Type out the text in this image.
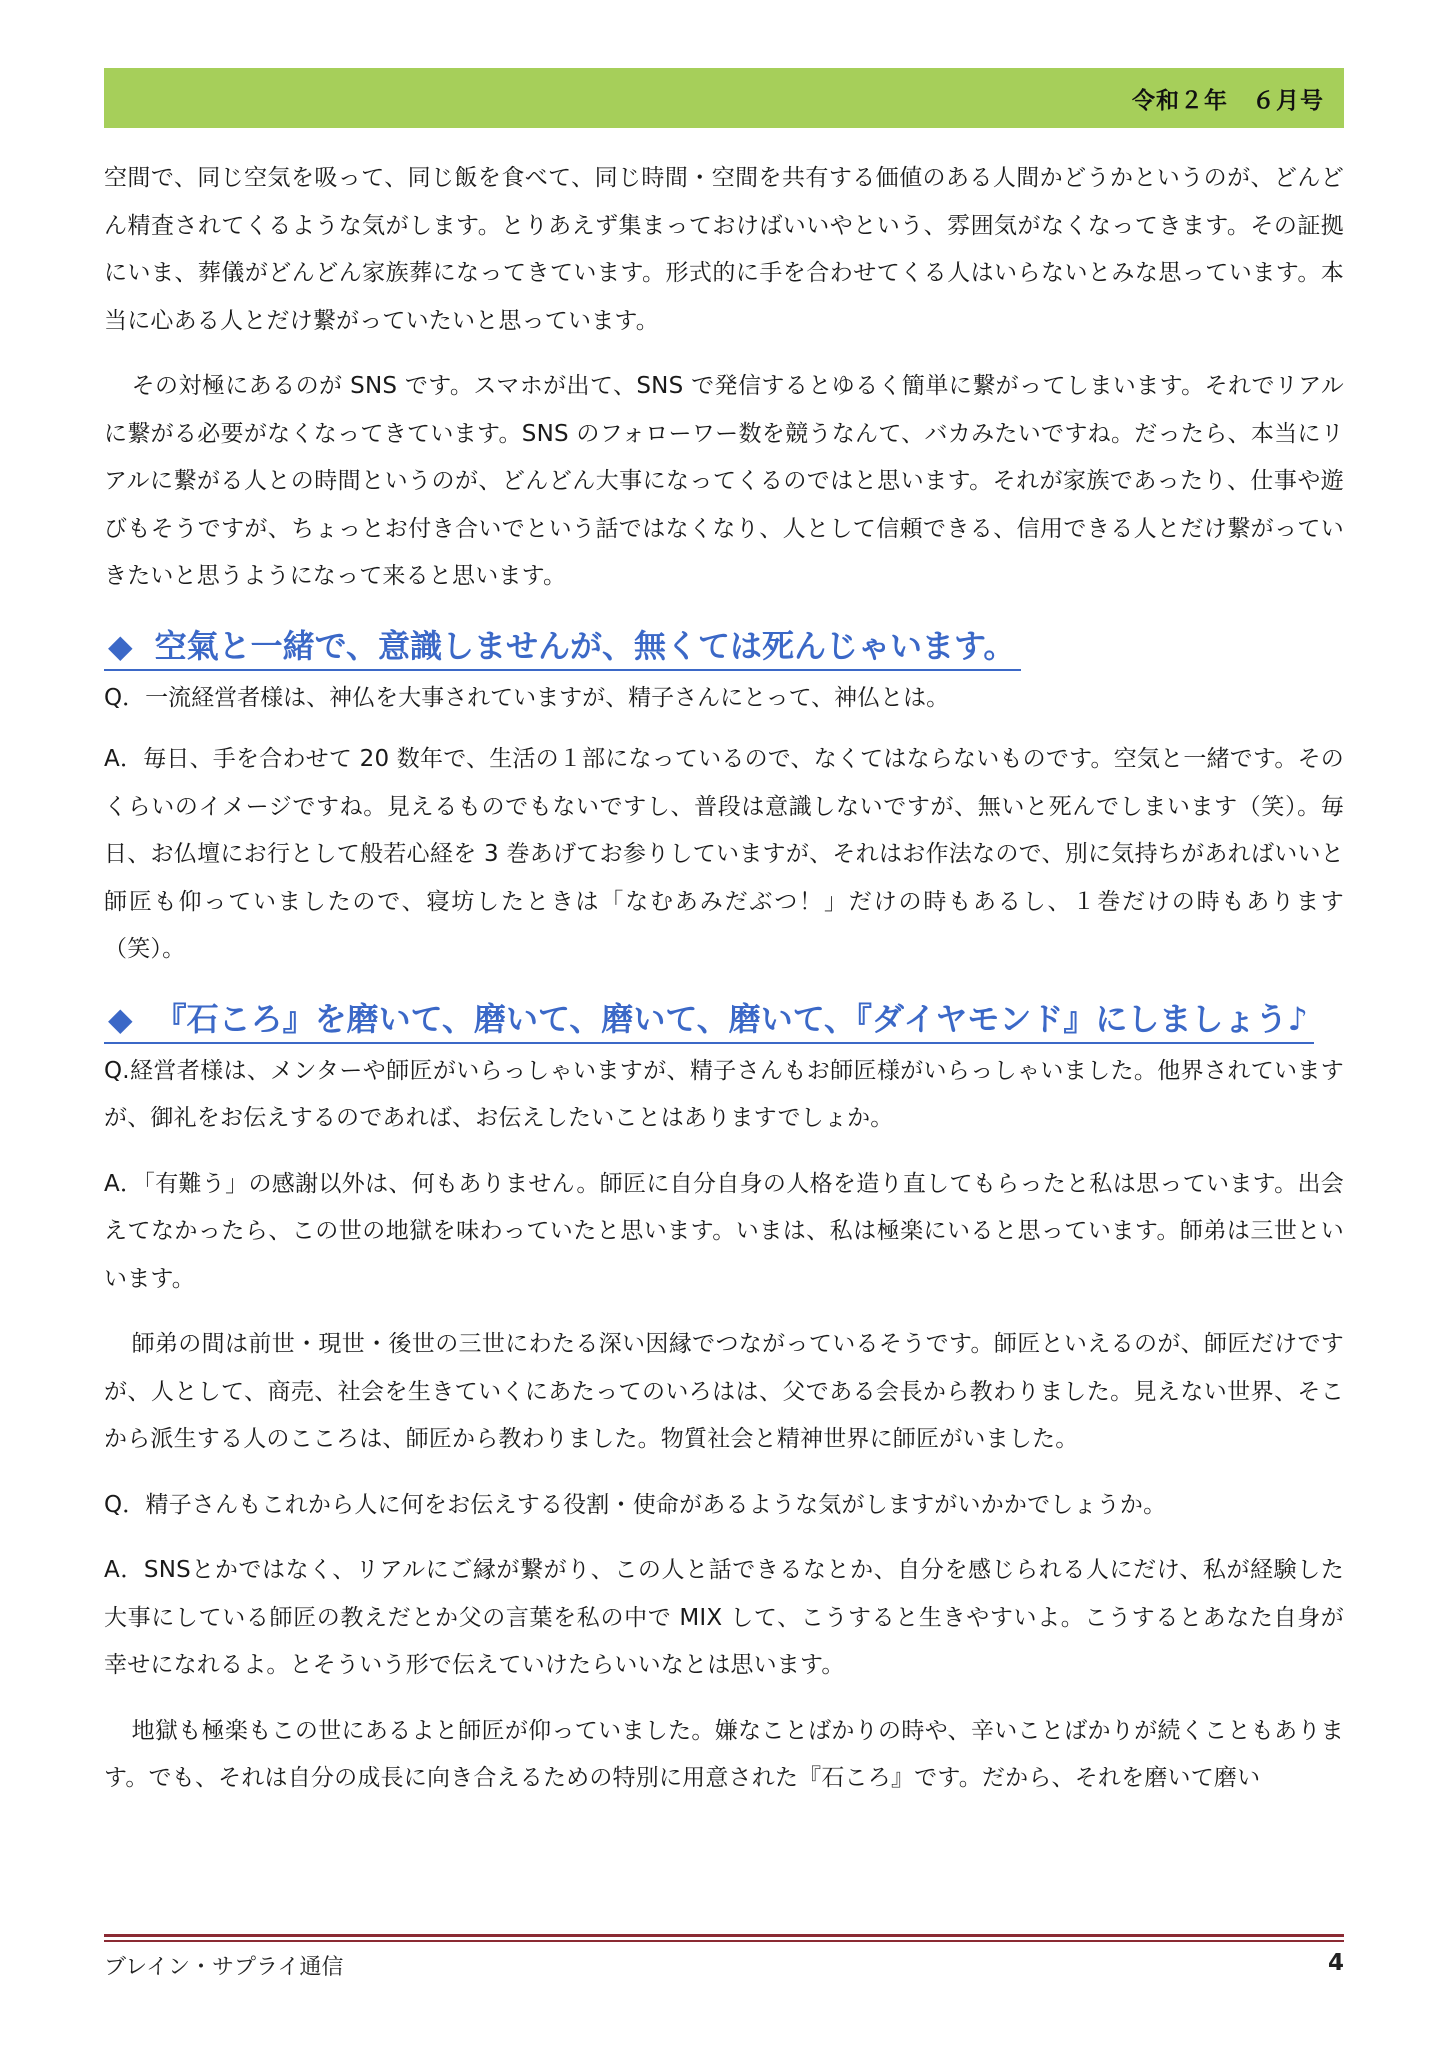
令和２年　６月号

空間で、同じ空気を吸って、同じ飯を食べて、同じ時間・空間を共有する価値のある人間かどうかというのが、どんどん精査されてくるような気がします。とりあえず集まっておけばいいやという、雰囲気がなくなってきます。その証拠にいま、葬儀がどんどん家族葬になってきています。形式的に手を合わせてくる人はいらないとみな思っています。本当に心ある人とだけ繋がっていたいと思っています。

その対極にあるのが SNS です。スマホが出て、SNS で発信するとゆるく簡単に繋がってしまいます。それでリアルに繋がる必要がなくなってきています。SNS のフォローワー数を競うなんて、バカみたいですね。だったら、本当にリアルに繋がる人との時間というのが、どんどん大事になってくるのではと思います。それが家族であったり、仕事や遊びもそうですが、ちょっとお付き合いでという話ではなくなり、人として信頼できる、信用できる人とだけ繋がっていきたいと思うようになって来ると思います。

◆ 空氣と一緒で、意識しませんが、無くては死んじゃいます。

Q．一流経営者様は、神仏を大事されていますが、精子さんにとって、神仏とは。

A．毎日、手を合わせて 20 数年で、生活の１部になっているので、なくてはならないものです。空気と一緒です。そのくらいのイメージですね。見えるものでもないですし、普段は意識しないですが、無いと死んでしまいます（笑）。毎日、お仏壇にお行として般若心経を 3 巻あげてお参りしていますが、それはお作法なので、別に気持ちがあればいいと師匠も仰っていましたので、寝坊したときは「なむあみだぶつ！」だけの時もあるし、１巻だけの時もあります（笑）。

◆ 『石ころ』を磨いて、磨いて、磨いて、磨いて、『ダイヤモンド』にしましょう♪

Q.経営者様は、メンターや師匠がいらっしゃいますが、精子さんもお師匠様がいらっしゃいました。他界されていますが、御礼をお伝えするのであれば、お伝えしたいことはありますでしょか。

A．「有難う」の感謝以外は、何もありません。師匠に自分自身の人格を造り直してもらったと私は思っています。出会えてなかったら、この世の地獄を味わっていたと思います。いまは、私は極楽にいると思っています。師弟は三世といいます。

師弟の間は前世・現世・後世の三世にわたる深い因縁でつながっているそうです。師匠といえるのが、師匠だけですが、人として、商売、社会を生きていくにあたってのいろはは、父である会長から教わりました。見えない世界、そこから派生する人のこころは、師匠から教わりました。物質社会と精神世界に師匠がいました。

Q．精子さんもこれから人に何をお伝えする役割・使命があるような気がしますがいかかでしょうか。

A．SNSとかではなく、リアルにご縁が繋がり、この人と話できるなとか、自分を感じられる人にだけ、私が経験した大事にしている師匠の教えだとか父の言葉を私の中で MIX して、こうすると生きやすいよ。こうするとあなた自身が幸せになれるよ。とそういう形で伝えていけたらいいなとは思います。

地獄も極楽もこの世にあるよと師匠が仰っていました。嫌なことばかりの時や、辛いことばかりが続くこともあります。でも、それは自分の成長に向き合えるための特別に用意された『石ころ』です。だから、それを磨いて磨い

ブレイン・サプライ通信	4
